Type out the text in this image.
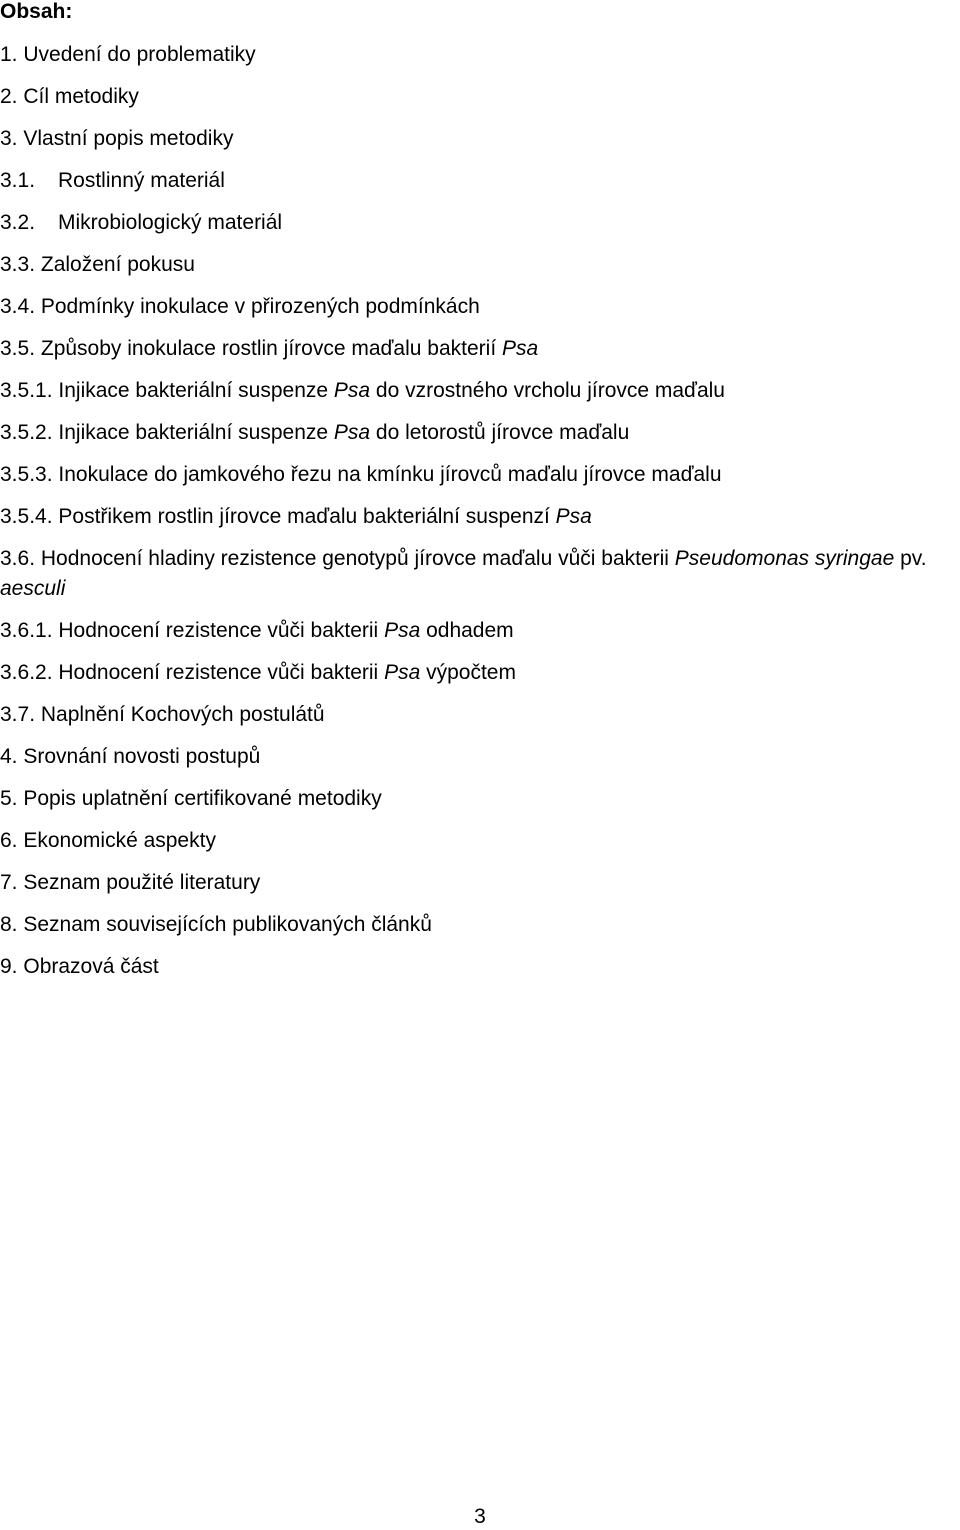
Obsah:
1. Uvedení do problematiky
2. Cíl metodiky
3. Vlastní popis metodiky
3.1. Rostlinný materiál
3.2. Mikrobiologický materiál
3.3. Založení pokusu
3.4. Podmínky inokulace v přirozených podmínkách
3.5. Způsoby inokulace rostlin jírovce maďalu bakterií Psa
3.5.1. Injikace bakteriální suspenze Psa do vzrostného vrcholu jírovce maďalu
3.5.2. Injikace bakteriální suspenze Psa do letorostů jírovce maďalu
3.5.3. Inokulace do jamkového řezu na kmínku jírovců maďalu jírovce maďalu
3.5.4. Postřikem rostlin jírovce maďalu bakteriální suspenzí Psa
3.6. Hodnocení hladiny rezistence genotypů jírovce maďalu vůči bakterii Pseudomonas syringae pv.
aesculi
3.6.1. Hodnocení rezistence vůči bakterii Psa odhadem
3.6.2. Hodnocení rezistence vůči bakterii Psa výpočtem
3.7. Naplnění Kochových postulátů
4. Srovnání novosti postupů
5. Popis uplatnění certifikované metodiky
6. Ekonomické aspekty
7. Seznam použité literatury
8. Seznam souvisejících publikovaných článků
9. Obrazová část

3
